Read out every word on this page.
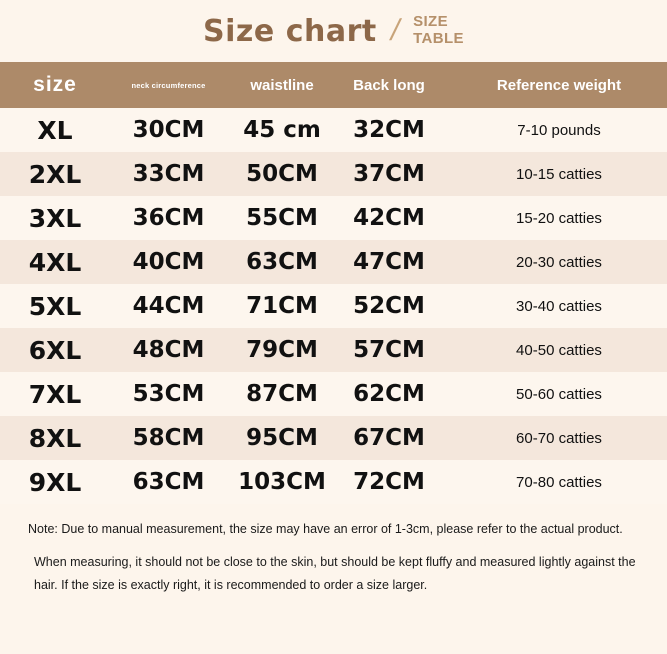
Size chart / SIZE
TABLE
size	neck circumference	waistline	Back long	Reference weight
XL	30CM	45 cm	32CM	7-10 pounds
2XL	33CM	50CM	37CM	10-15 catties
3XL	36CM	55CM	42CM	15-20 catties
4XL	40CM	63CM	47CM	20-30 catties
5XL	44CM	71CM	52CM	30-40 catties
6XL	48CM	79CM	57CM	40-50 catties
7XL	53CM	87CM	62CM	50-60 catties
8XL	58CM	95CM	67CM	60-70 catties
9XL	63CM	103CM	72CM	70-80 catties

Note: Due to manual measurement, the size may have an error of 1-3cm, please refer to the actual product.

When measuring, it should not be close to the skin, but should be kept fluffy and measured lightly against the hair. If the size is exactly right, it is recommended to order a size larger.
